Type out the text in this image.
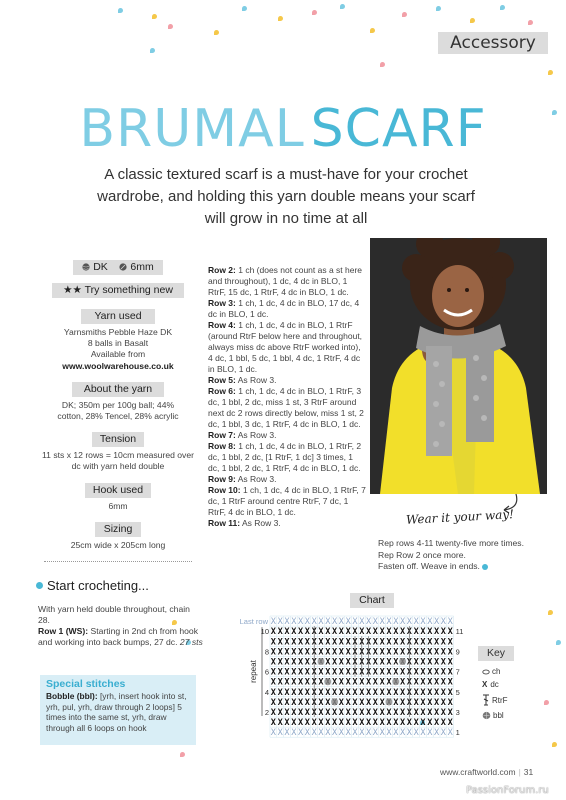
Accessory
BRUMAL SCARF

A classic textured scarf is a must-have for your crochet wardrobe, and holding this yarn double means your scarf will grow in no time at all

DK 6mm
★★ Try something new
Yarn used
Yarnsmiths Pebble Haze DK
8 balls in Basalt
Available from
www.woolwarehouse.co.uk
About the yarn
DK; 350m per 100g ball; 44% cotton, 28% Tencel, 28% acrylic
Tension
11 sts x 12 rows = 10cm measured over dc with yarn held double
Hook used
6mm
Sizing
25cm wide x 205cm long
Start crocheting...
With yarn held double throughout, chain 28.
Row 1 (WS): Starting in 2nd ch from hook and working into back bumps, 27 dc. 27 sts
Special stitches
Bobble (bbl): [yrh, insert hook into st, yrh, pul, yrh, draw through 2 loops] 5 times into the same st, yrh, draw through all 6 loops on hook

Row 2: 1 ch (does not count as a st here and throughout), 1 dc, 4 dc in BLO, 1 RtrF, 15 dc, 1 RtrF, 4 dc in BLO, 1 dc.

Row 3: 1 ch, 1 dc, 4 dc in BLO, 17 dc, 4 dc in BLO, 1 dc.

Row 4: 1 ch, 1 dc, 4 dc in BLO, 1 RtrF (around RtrF below here and throughout, always miss dc above RtrF worked into), 4 dc, 1 bbl, 5 dc, 1 bbl, 4 dc, 1 RtrF, 4 dc in BLO, 1 dc.

Row 5: As Row 3.

Row 6: 1 ch, 1 dc, 4 dc in BLO, 1 RtrF, 3 dc, 1 bbl, 2 dc, miss 1 st, 3 RtrF around next dc 2 rows directly below, miss 1 st, 2 dc, 1 bbl, 3 dc, 1 RtrF, 4 dc in BLO, 1 dc.

Row 7: As Row 3.

Row 8: 1 ch, 1 dc, 4 dc in BLO, 1 RtrF, 2 dc, 1 bbl, 2 dc, [1 RtrF, 1 dc] 3 times, 1 dc, 1 bbl, 2 dc, 1 RtrF, 4 dc in BLO, 1 dc.

Row 9: As Row 3.

Row 10: 1 ch, 1 dc, 4 dc in BLO, 1 RtrF, 7 dc, 1 RtrF around centre RtrF, 7 dc, 1 RtrF, 4 dc in BLO, 1 dc.

Row 11: As Row 3.	Wear it your way!
Rep rows 4-11 twenty-five more times.
Rep Row 2 once more.
Fasten off. Weave in ends.
Chart
X X X X X X X X X X X X X X X X X X X X X X X X X X X
X X X X X X X X X X X X X X X X X X X X X X X X X X X
X X X X X X X X X X X X X X X X X X X X X X X X X X X
X X X X X X X X X X X X X X X X X X X X X X X X X X X
X X X X X X X X X X X X X X X X X X X X X X X X X
X X X X X X X X X X X X X X X X X X X X X X X X X X X
X X X X X X X X X X X X X X X X X X X X X X X X X
X X X X X X X X X X X X X X X X X X X X X X X X X X X
X X X X X X X X X X X X X X X X X X X X X X X X X
X X X X X X X X X X X X X X X X X X X X X X X X X X X
X X X X X X X X X X X X X X X X X X X X X X X X X X X
X X X X X X X X X X X X X X X X X X X X X X X X X X X
repeat
Last row
10
8
6
4
2
11
9
7
5
3
1
Key
ch
X dc
RtrF
bbl
www.craftworld.com | 31
PassionForum.ru
